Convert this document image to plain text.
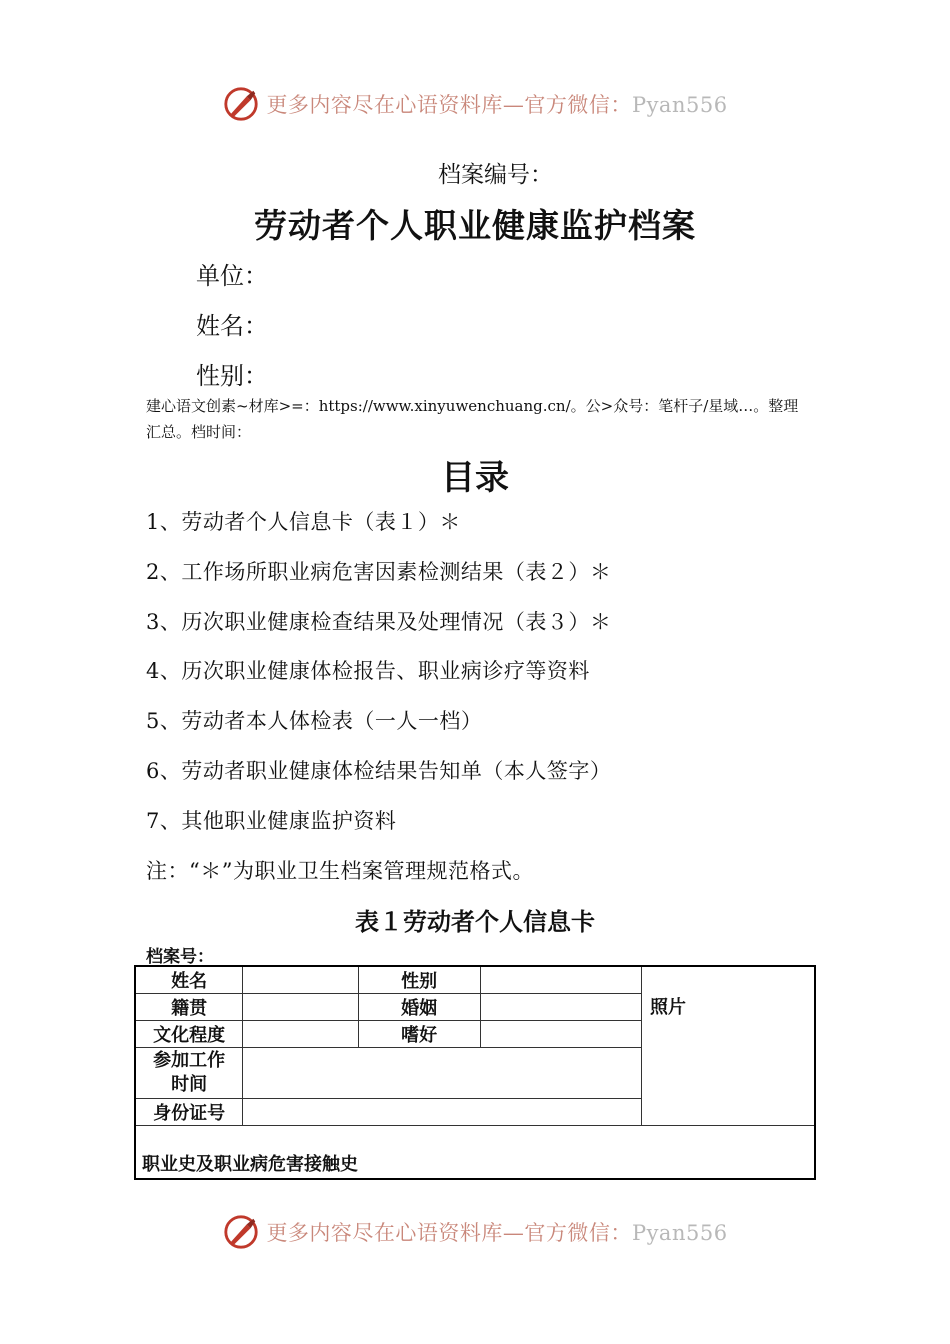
更多内容尽在心语资料库—官方微信：Pyan556
档案编号：
劳动者个人职业健康监护档案
单位：
姓名：
性别：
建心语文创素~材库>=：https://www.xinyuwenchuang.cn/。公>众号：笔杆子/星域…。整理汇总。档时间：
目录
1、劳动者个人信息卡（表１）＊
2、工作场所职业病危害因素检测结果（表２）＊
3、历次职业健康检查结果及处理情况（表３）＊
4、历次职业健康体检报告、职业病诊疗等资料
5、劳动者本人体检表（一人一档）
6、劳动者职业健康体检结果告知单（本人签字）
7、其他职业健康监护资料
注：“＊”为职业卫生档案管理规范格式。
表１劳动者个人信息卡
档案号：
姓名		性别		照片
籍贯		婚姻		
文化程度		嗜好		

参加工作
时间				

身份证号				
职业史及职业病危害接触史				
更多内容尽在心语资料库—官方微信：Pyan556
